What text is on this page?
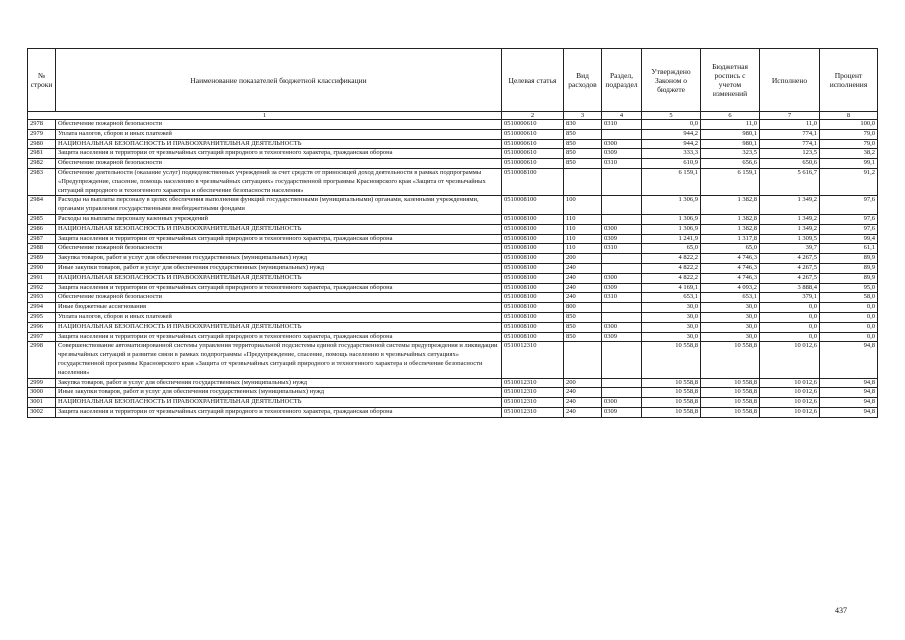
№ строки	Наименование показателей бюджетной классификации	Целевая статья	Вид расходов	Раздел, подраздел	Утверждено Законом о бюджете	Бюджетная роспись с учетом изменений	Исполнено	Процент исполнения
1		2	3	4	5	6	7	8
2978	Обеспечение пожарной безопасности	0510000610	830	0310	0,0	11,0	11,0	100,0
2979	Уплата налогов, сборов и иных платежей	0510000610	850		944,2	980,1	774,1	79,0
2980	НАЦИОНАЛЬНАЯ БЕЗОПАСНОСТЬ И ПРАВООХРАНИТЕЛЬНАЯ ДЕЯТЕЛЬНОСТЬ	0510000610	850	0300	944,2	980,1	774,1	79,0
2981	Защита населения и территории от чрезвычайных ситуаций природного и техногенного характера, гражданская оборона	0510000610	850	0309	333,3	323,5	123,5	38,2
2982	Обеспечение пожарной безопасности	0510000610	850	0310	610,9	656,6	650,6	99,1
2983	Обеспечение деятельности (оказание услуг) подведомственных учреждений за счет средств от приносящей доход деятельности в рамках подпрограммы «Предупреждение, спасение, помощь населению в чрезвычайных ситуациях» государственной программы Красноярского края «Защита от чрезвычайных ситуаций природного и техногенного характера и обеспечение безопасности населения»	0510008100			6 159,1	6 159,1	5 616,7	91,2
2984	Расходы на выплаты персоналу в целях обеспечения выполнения функций государственными (муниципальными) органами, казенными учреждениями, органами управления государственными внебюджетными фондами	0510008100	100		1 306,9	1 382,8	1 349,2	97,6
2985	Расходы на выплаты персоналу казенных учреждений	0510008100	110		1 306,9	1 382,8	1 349,2	97,6
2986	НАЦИОНАЛЬНАЯ БЕЗОПАСНОСТЬ И ПРАВООХРАНИТЕЛЬНАЯ ДЕЯТЕЛЬНОСТЬ	0510008100	110	0300	1 306,9	1 382,8	1 349,2	97,6
2987	Защита населения и территории от чрезвычайных ситуаций природного и техногенного характера, гражданская оборона	0510008100	110	0309	1 241,9	1 317,8	1 309,5	99,4
2988	Обеспечение пожарной безопасности	0510008100	110	0310	65,0	65,0	39,7	61,1
2989	Закупка товаров, работ и услуг для обеспечения государственных (муниципальных) нужд	0510008100	200		4 822,2	4 746,3	4 267,5	89,9
2990	Иные закупки товаров, работ и услуг для обеспечения государственных (муниципальных) нужд	0510008100	240		4 822,2	4 746,3	4 267,5	89,9
2991	НАЦИОНАЛЬНАЯ БЕЗОПАСНОСТЬ И ПРАВООХРАНИТЕЛЬНАЯ ДЕЯТЕЛЬНОСТЬ	0510008100	240	0300	4 822,2	4 746,3	4 267,5	89,9
2992	Защита населения и территории от чрезвычайных ситуаций природного и техногенного характера, гражданская оборона	0510008100	240	0309	4 169,1	4 093,2	3 888,4	95,0
2993	Обеспечение пожарной безопасности	0510008100	240	0310	653,1	653,1	379,1	58,0
2994	Иные бюджетные ассигнования	0510008100	800		30,0	30,0	0,0	0,0
2995	Уплата налогов, сборов и иных платежей	0510008100	850		30,0	30,0	0,0	0,0
2996	НАЦИОНАЛЬНАЯ БЕЗОПАСНОСТЬ И ПРАВООХРАНИТЕЛЬНАЯ ДЕЯТЕЛЬНОСТЬ	0510008100	850	0300	30,0	30,0	0,0	0,0
2997	Защита населения и территории от чрезвычайных ситуаций природного и техногенного характера, гражданская оборона	0510008100	850	0309	30,0	30,0	0,0	0,0
2998	Совершенствование автоматизированной системы управления территориальной подсистемы единой государственной системы предупреждения и ликвидации чрезвычайных ситуаций и развитие связи в рамках подпрограммы «Предупреждение, спасение, помощь населению в чрезвычайных ситуациях» государственной программы Красноярского края «Защита от чрезвычайных ситуаций природного и техногенного характера и обеспечение безопасности населения»	0510012310			10 558,8	10 558,8	10 012,6	94,8
2999	Закупка товаров, работ и услуг для обеспечения государственных (муниципальных) нужд	0510012310	200		10 558,8	10 558,8	10 012,6	94,8
3000	Иные закупки товаров, работ и услуг для обеспечения государственных (муниципальных) нужд	0510012310	240		10 558,8	10 558,8	10 012,6	94,8
3001	НАЦИОНАЛЬНАЯ БЕЗОПАСНОСТЬ И ПРАВООХРАНИТЕЛЬНАЯ ДЕЯТЕЛЬНОСТЬ	0510012310	240	0300	10 558,8	10 558,8	10 012,6	94,8
3002	Защита населения и территории от чрезвычайных ситуаций природного и техногенного характера, гражданская оборона	0510012310	240	0309	10 558,8	10 558,8	10 012,6	94,8
437
